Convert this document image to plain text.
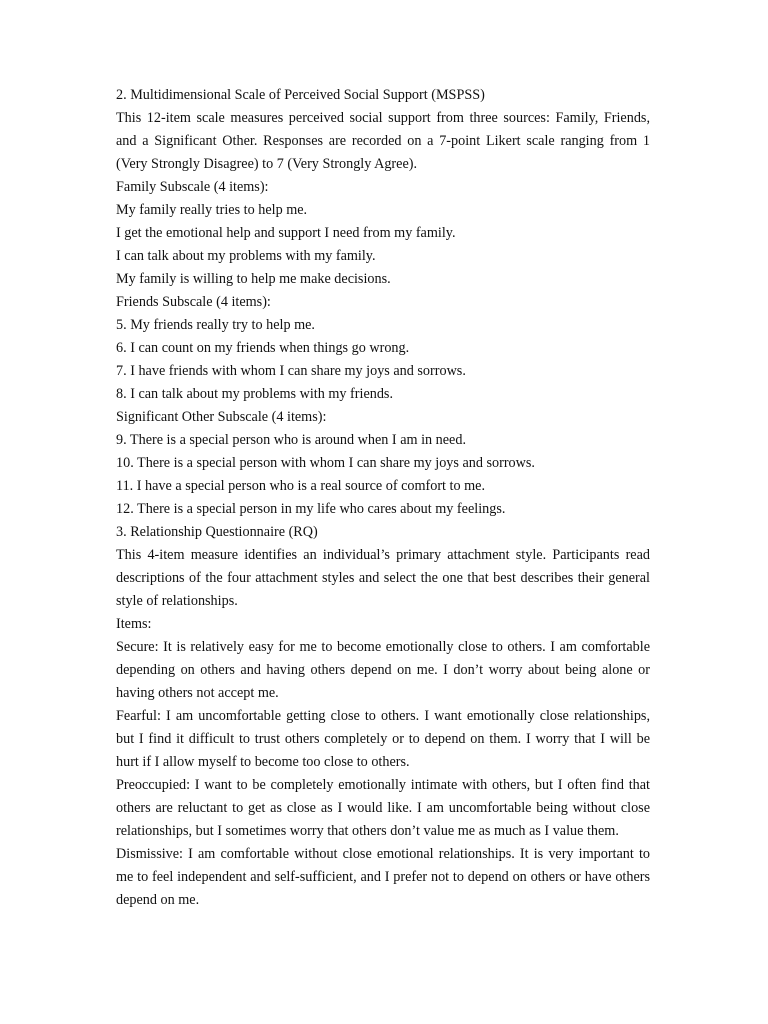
2. Multidimensional Scale of Perceived Social Support (MSPSS)

This 12-item scale measures perceived social support from three sources: Family, Friends, and a Significant Other. Responses are recorded on a 7-point Likert scale ranging from 1 (Very Strongly Disagree) to 7 (Very Strongly Agree).

Family Subscale (4 items):

My family really tries to help me.

I get the emotional help and support I need from my family.

I can talk about my problems with my family.

My family is willing to help me make decisions.

Friends Subscale (4 items):

5. My friends really try to help me.

6. I can count on my friends when things go wrong.

7. I have friends with whom I can share my joys and sorrows.

8. I can talk about my problems with my friends.

Significant Other Subscale (4 items):

9. There is a special person who is around when I am in need.

10. There is a special person with whom I can share my joys and sorrows.

11. I have a special person who is a real source of comfort to me.

12. There is a special person in my life who cares about my feelings.

3. Relationship Questionnaire (RQ)

This 4-item measure identifies an individual’s primary attachment style. Participants read descriptions of the four attachment styles and select the one that best describes their general style of relationships.

Items:

Secure: It is relatively easy for me to become emotionally close to others. I am comfortable depending on others and having others depend on me. I don’t worry about being alone or having others not accept me.

Fearful: I am uncomfortable getting close to others. I want emotionally close relationships, but I find it difficult to trust others completely or to depend on them. I worry that I will be hurt if I allow myself to become too close to others.

Preoccupied: I want to be completely emotionally intimate with others, but I often find that others are reluctant to get as close as I would like. I am uncomfortable being without close relationships, but I sometimes worry that others don’t value me as much as I value them.

Dismissive: I am comfortable without close emotional relationships. It is very important to me to feel independent and self-sufficient, and I prefer not to depend on others or have others depend on me.
